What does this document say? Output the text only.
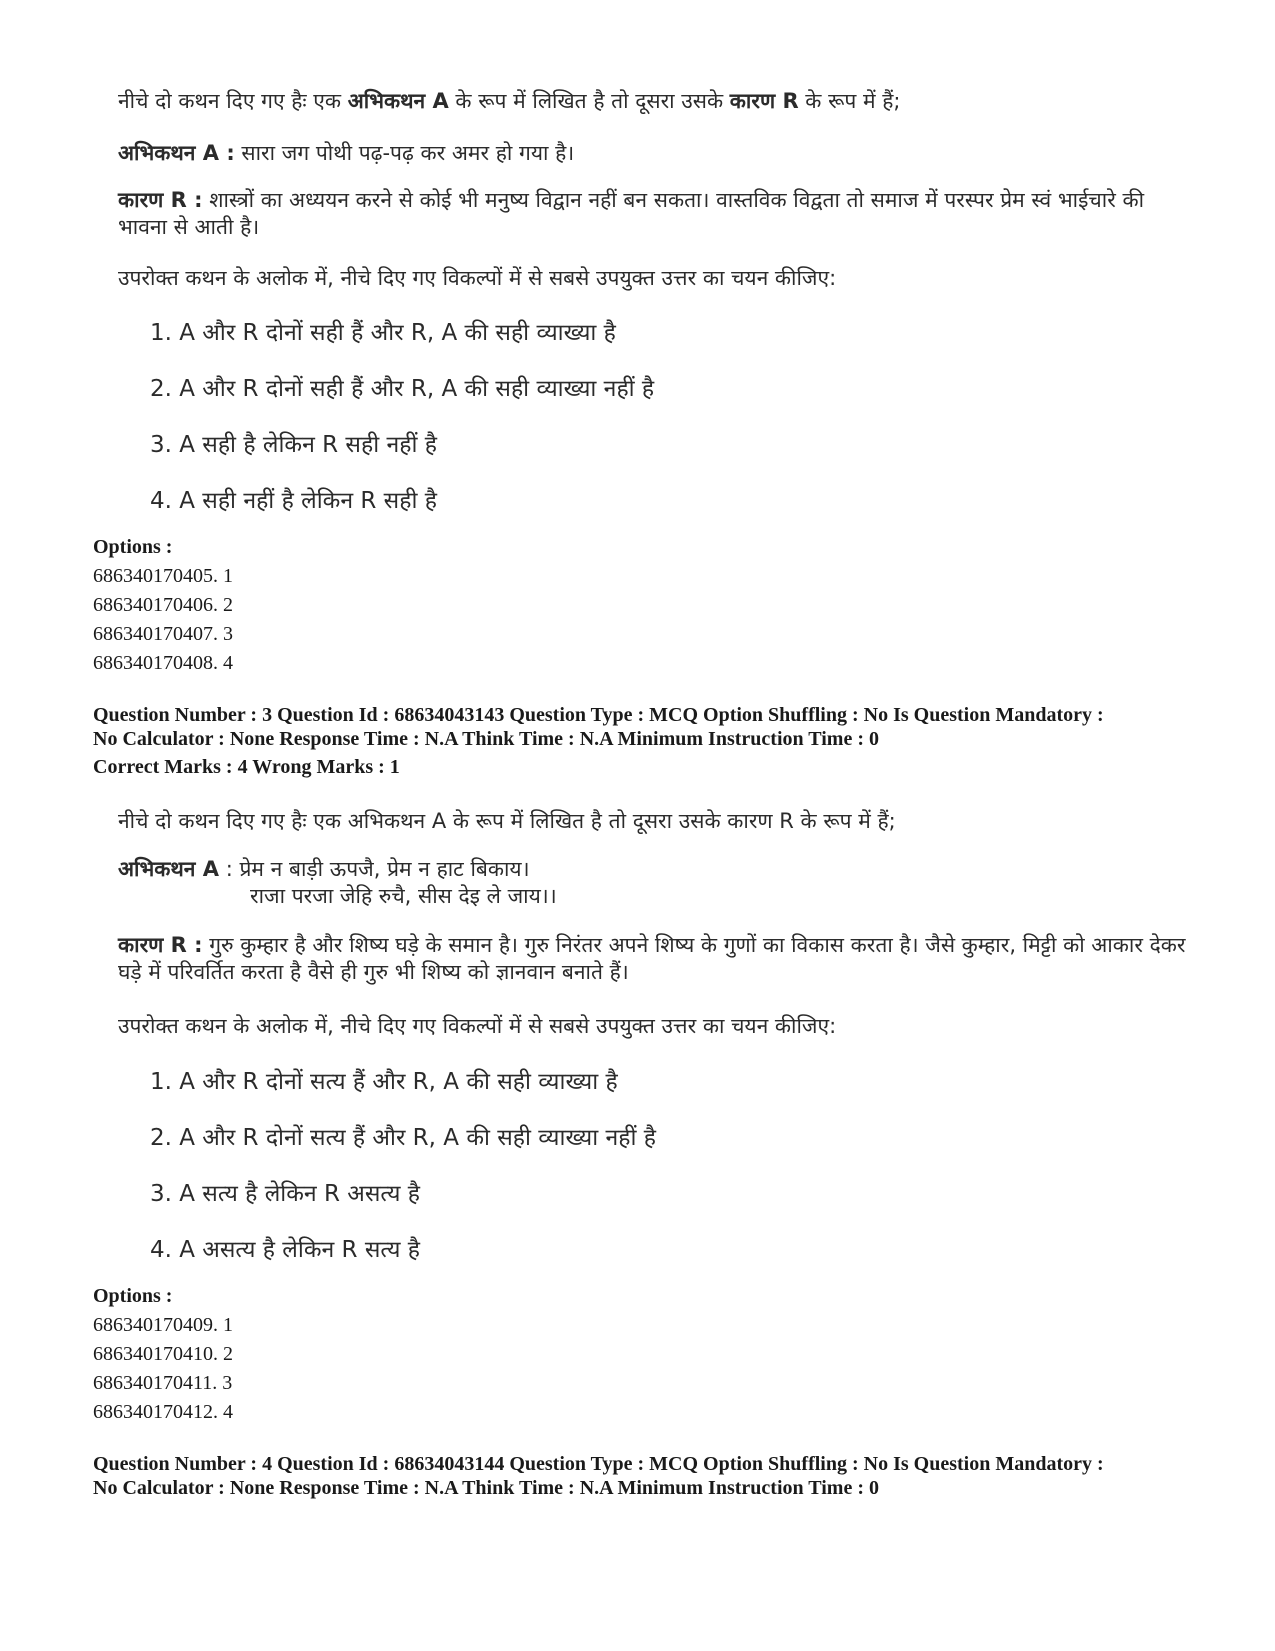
नीचे दो कथन दिए गए हैः एक अभिकथन A के रूप में लिखित है तो दूसरा उसके कारण R के रूप में हैं;

अभिकथन A : सारा जग पोथी पढ़-पढ़ कर अमर हो गया है।

कारण R : शास्त्रों का अध्ययन करने से कोई भी मनुष्य विद्वान नहीं बन सकता। वास्तविक विद्वता तो समाज में परस्पर प्रेम स्वं भाईचारे की भावना से आती है।

उपरोक्त कथन के अलोक में, नीचे दिए गए विकल्पों में से सबसे उपयुक्त उत्तर का चयन कीजिए:

1. A और R दोनों सही हैं और R, A की सही व्याख्या है

2. A और R दोनों सही हैं और R, A की सही व्याख्या नहीं है

3. A सही है लेकिन R सही नहीं है

4. A सही नहीं है लेकिन R सही है

Options :

686340170405. 1
686340170406. 2
686340170407. 3
686340170408. 4

Question Number : 3 Question Id : 68634043143 Question Type : MCQ Option Shuffling : No Is Question Mandatory :
No Calculator : None Response Time : N.A Think Time : N.A Minimum Instruction Time : 0

Correct Marks : 4 Wrong Marks : 1

नीचे दो कथन दिए गए हैः एक अभिकथन A के रूप में लिखित है तो दूसरा उसके कारण R के रूप में हैं;

अभिकथन A : प्रेम न बाड़ी ऊपजै, प्रेम न हाट बिकाय।
राजा परजा जेहि रुचै, सीस देइ ले जाय।।

कारण R : गुरु कुम्हार है और शिष्य घड़े के समान है। गुरु निरंतर अपने शिष्य के गुणों का विकास करता है। जैसे कुम्हार, मिट्टी को आकार देकर घड़े में परिवर्तित करता है वैसे ही गुरु भी शिष्य को ज्ञानवान बनाते हैं।

उपरोक्त कथन के अलोक में, नीचे दिए गए विकल्पों में से सबसे उपयुक्त उत्तर का चयन कीजिए:

1. A और R दोनों सत्य हैं और R, A की सही व्याख्या है

2. A और R दोनों सत्य हैं और R, A की सही व्याख्या नहीं है

3. A सत्य है लेकिन R असत्य है

4. A असत्य है लेकिन R सत्य है

Options :

686340170409. 1
686340170410. 2
686340170411. 3
686340170412. 4

Question Number : 4 Question Id : 68634043144 Question Type : MCQ Option Shuffling : No Is Question Mandatory :
No Calculator : None Response Time : N.A Think Time : N.A Minimum Instruction Time : 0
